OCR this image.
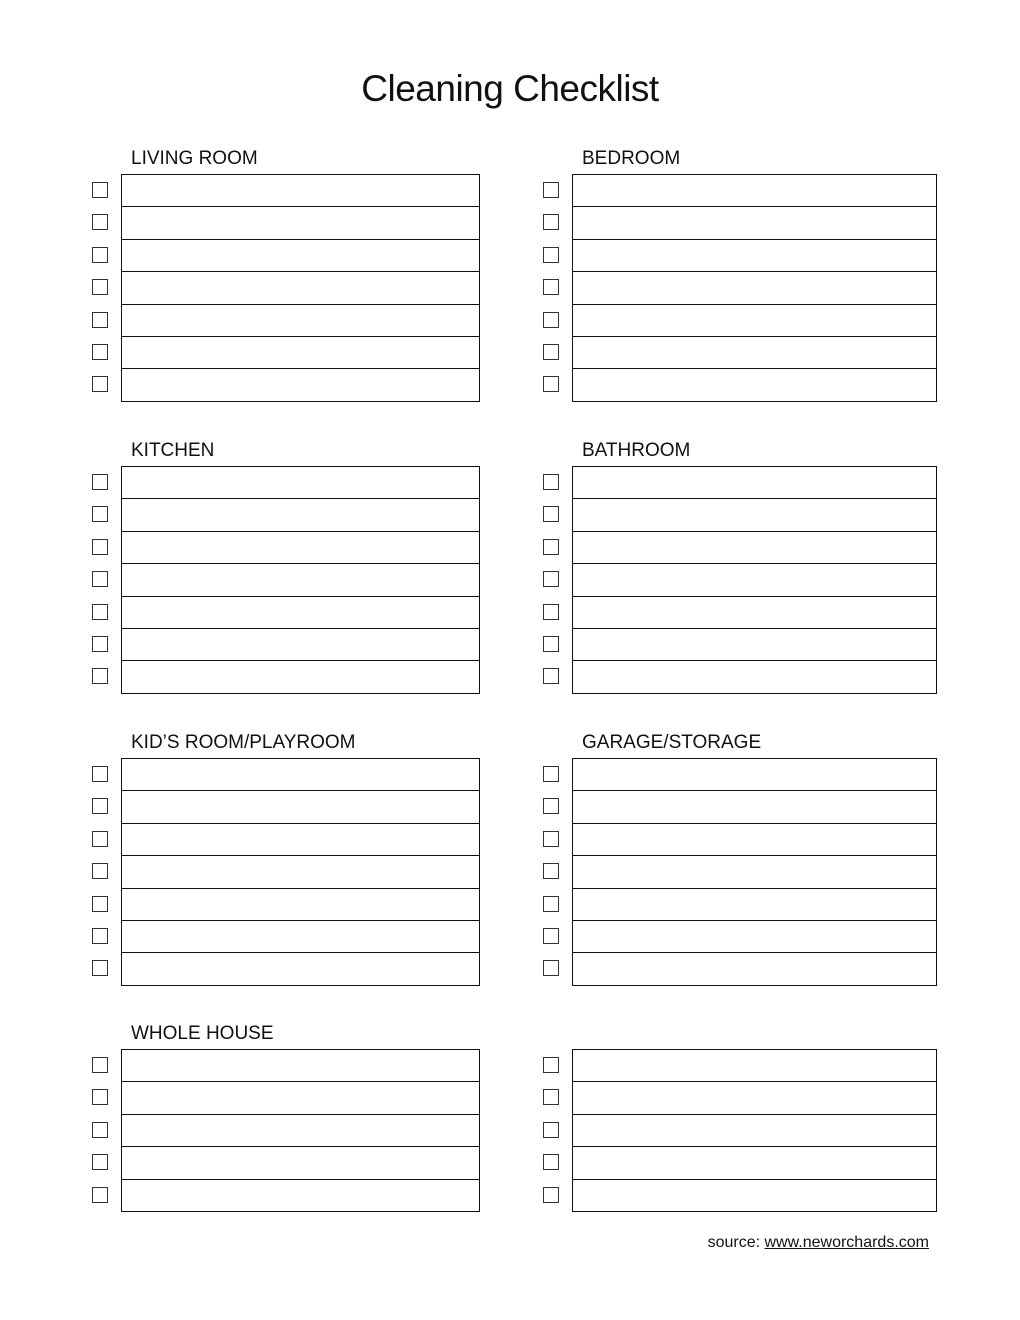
Cleaning Checklist
LIVING ROOM	BEDROOM
KITCHEN	BATHROOM
KID’S ROOM/PLAYROOM	GARAGE/STORAGE
WHOLE HOUSE
source: www.neworchards.com
